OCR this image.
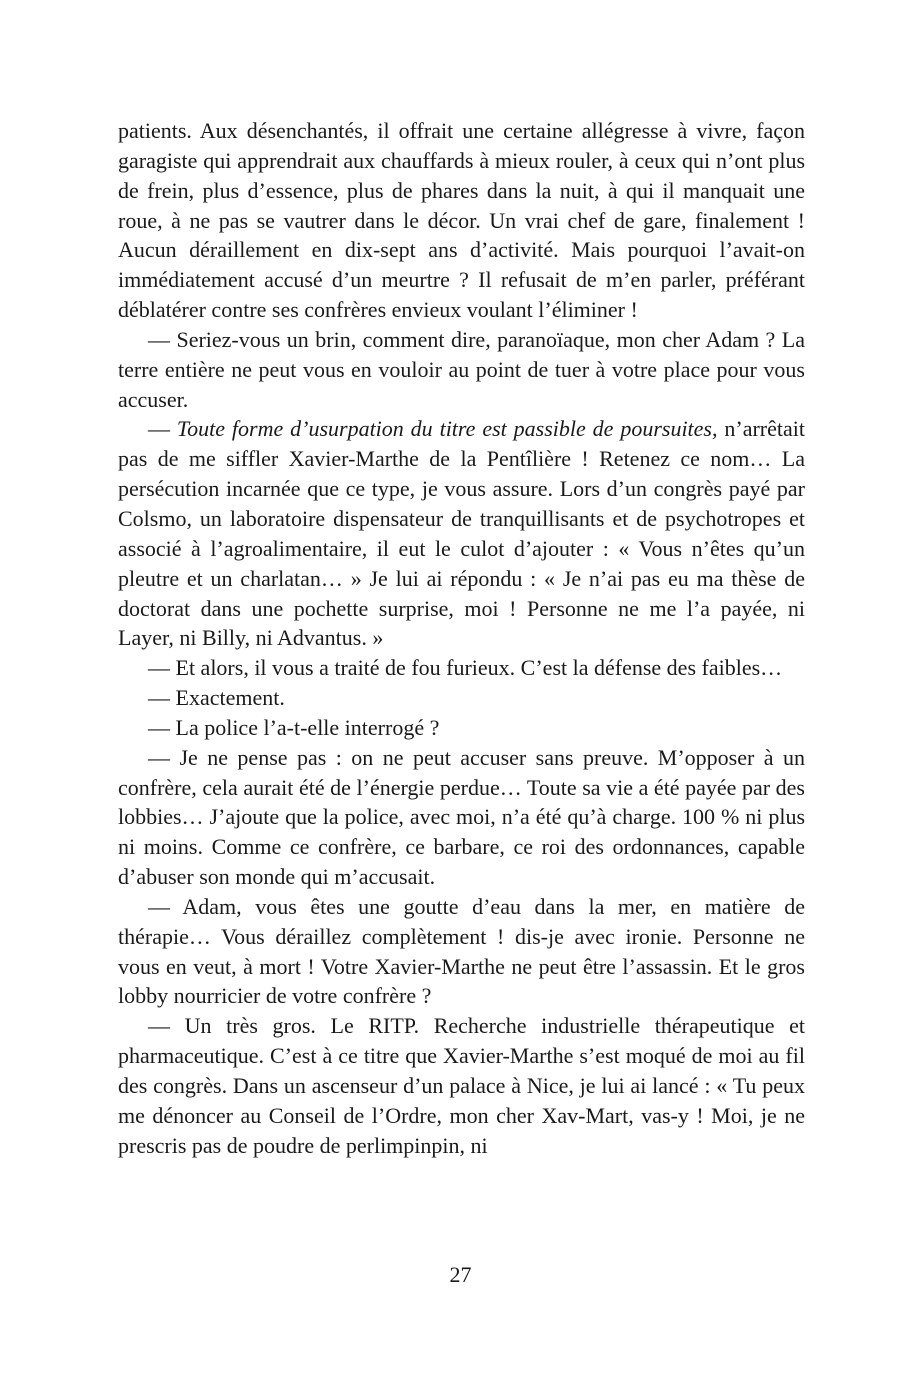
patients. Aux désenchantés, il offrait une certaine allégresse à vivre, façon garagiste qui apprendrait aux chauffards à mieux rouler, à ceux qui n’ont plus de frein, plus d’essence, plus de phares dans la nuit, à qui il manquait une roue, à ne pas se vautrer dans le décor. Un vrai chef de gare, finalement ! Aucun déraillement en dix-sept ans d’activité. Mais pourquoi l’avait-on immédiatement accusé d’un meurtre ? Il refusait de m’en parler, préférant déblatérer contre ses confrères envieux voulant l’éliminer !

— Seriez-vous un brin, comment dire, paranoïaque, mon cher Adam ? La terre entière ne peut vous en vouloir au point de tuer à votre place pour vous accuser.

— Toute forme d’usurpation du titre est passible de poursuites, n’arrêtait pas de me siffler Xavier-Marthe de la Pentîlière ! Retenez ce nom… La persécution incarnée que ce type, je vous assure. Lors d’un congrès payé par Colsmo, un laboratoire dispensateur de tranquillisants et de psychotropes et associé à l’agroalimentaire, il eut le culot d’ajouter : « Vous n’êtes qu’un pleutre et un charlatan… » Je lui ai répondu : « Je n’ai pas eu ma thèse de doctorat dans une pochette surprise, moi ! Personne ne me l’a payée, ni Layer, ni Billy, ni Advantus. »

— Et alors, il vous a traité de fou furieux. C’est la défense des faibles…

— Exactement.

— La police l’a-t-elle interrogé ?

— Je ne pense pas : on ne peut accuser sans preuve. M’opposer à un confrère, cela aurait été de l’énergie perdue… Toute sa vie a été payée par des lobbies… J’ajoute que la police, avec moi, n’a été qu’à charge. 100 % ni plus ni moins. Comme ce confrère, ce barbare, ce roi des ordonnances, capable d’abuser son monde qui m’accusait.

— Adam, vous êtes une goutte d’eau dans la mer, en matière de thérapie… Vous déraillez complètement ! dis-je avec ironie. Personne ne vous en veut, à mort ! Votre Xavier-Marthe ne peut être l’assassin. Et le gros lobby nourricier de votre confrère ?

— Un très gros. Le RITP. Recherche industrielle thérapeutique et pharmaceutique. C’est à ce titre que Xavier-Marthe s’est moqué de moi au fil des congrès. Dans un ascenseur d’un palace à Nice, je lui ai lancé : « Tu peux me dénoncer au Conseil de l’Ordre, mon cher Xav-Mart, vas-y ! Moi, je ne prescris pas de poudre de perlimpinpin, ni

27
